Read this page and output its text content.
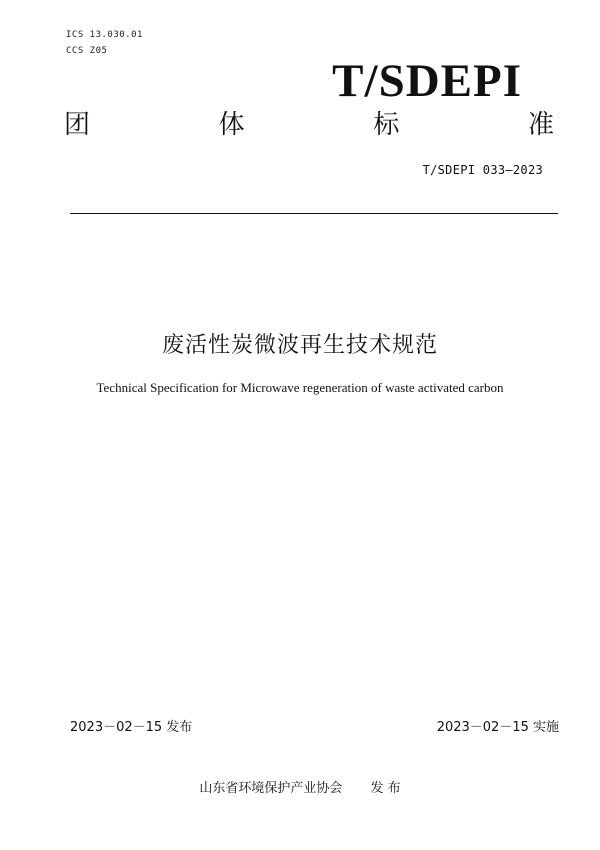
ICS 13.030.01
CCS Z05
T/SDEPI
团	体	标	准
T/SDEPI 033—2023
废活性炭微波再生技术规范
Technical Specification for Microwave regeneration of waste activated carbon
2023－02－15 发布	2023－02－15 实施
山东省环境保护产业协会 发 布
